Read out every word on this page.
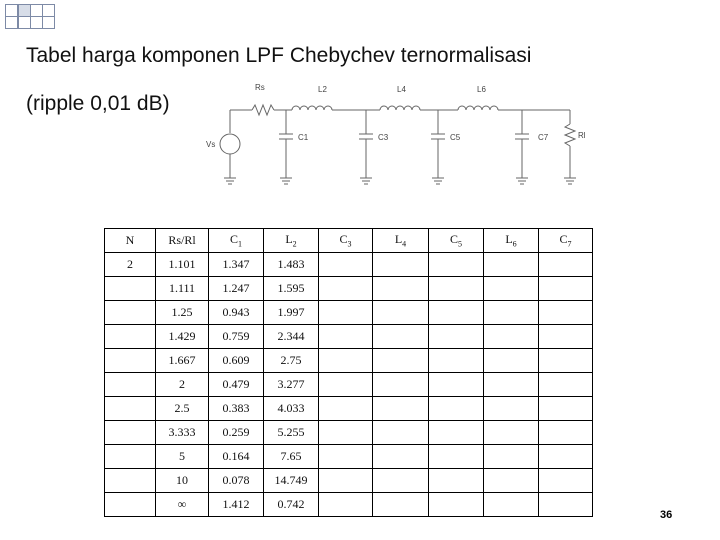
Tabel harga komponen LPF Chebychev ternormalisasi
(ripple 0,01 dB)
Rs	L2	L4	L6
C1	C3	C5	C7	Rl
Vs
N	Rs/Rl	$C_1$	$L_2$	$C_3$	$L_4$	$C_5$	$L_6$	$C_7$
2	1.101	1.347	1.483					
	1.111	1.247	1.595					
	1.25	0.943	1.997					
	1.429	0.759	2.344					
	1.667	0.609	2.75					
	2	0.479	3.277					
	2.5	0.383	4.033					
	3.333	0.259	5.255					
	5	0.164	7.65					
	10	0.078	14.749					
	∞	1.412	0.742					
36
